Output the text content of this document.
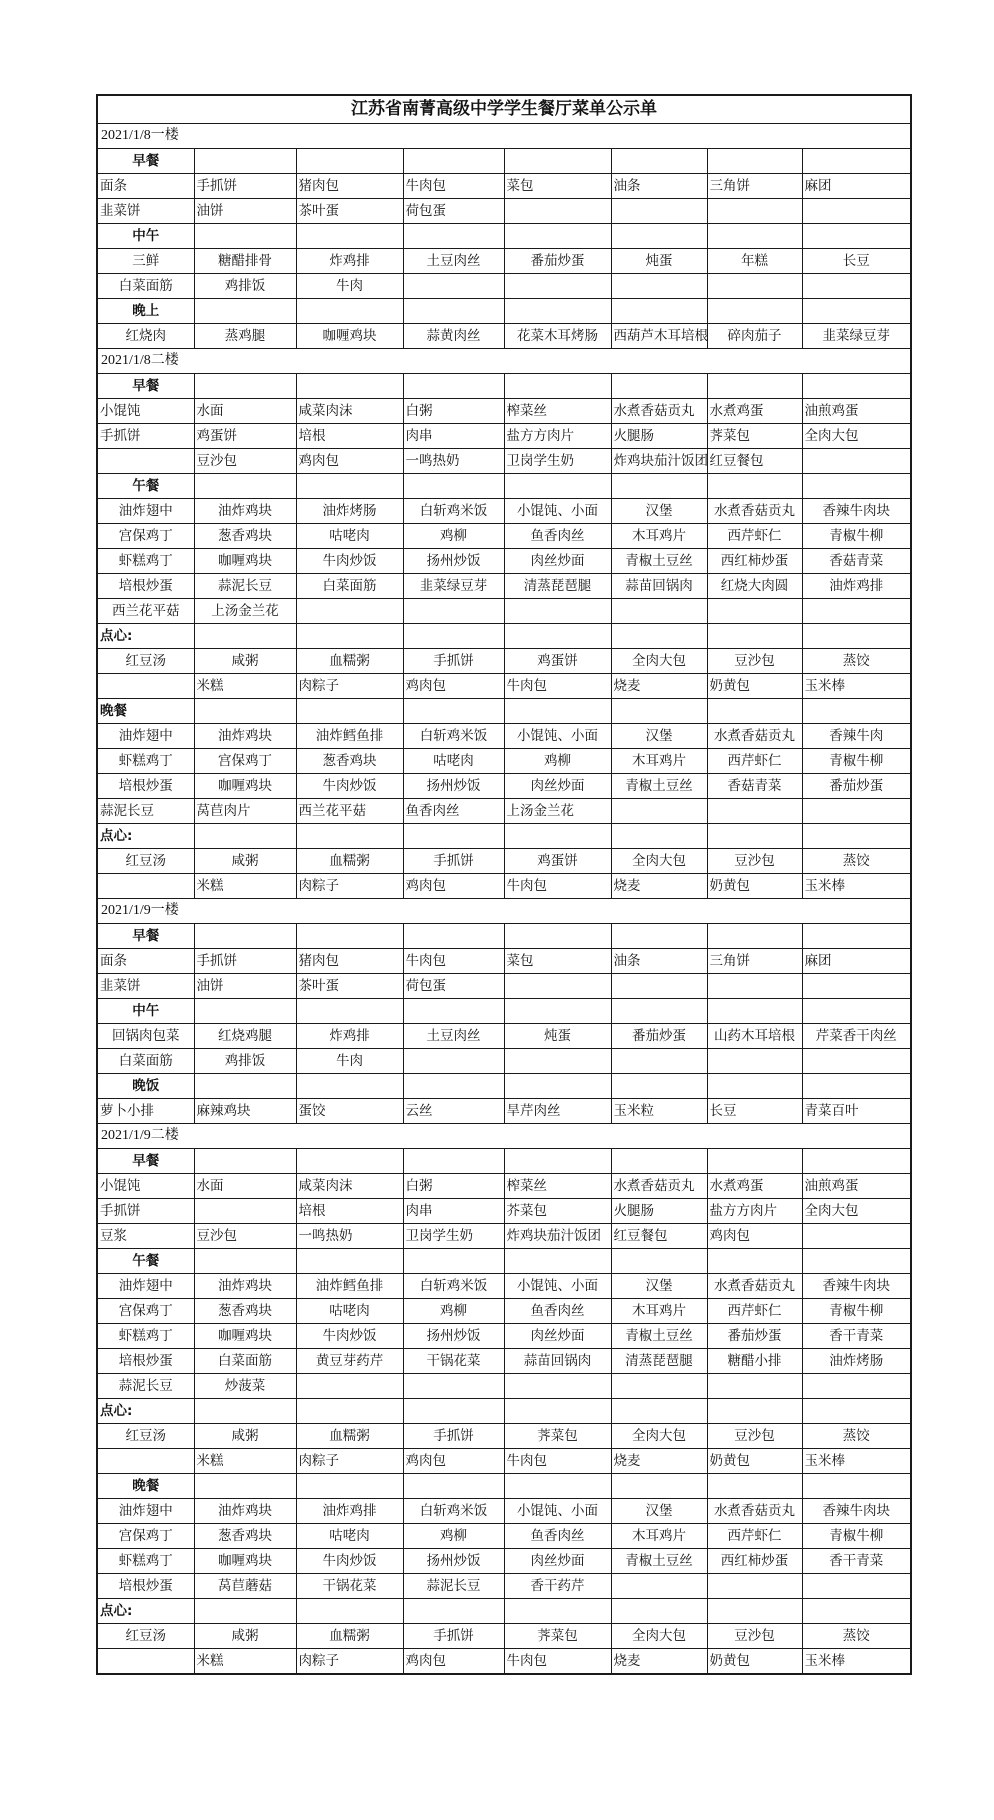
江苏省南菁高级中学学生餐厅菜单公示单							
2021/1/8一楼							
早餐							
面条	手抓饼	猪肉包	牛肉包	菜包	油条	三角饼	麻团
韭菜饼	油饼	茶叶蛋	荷包蛋				
中午							
三鲜	糖醋排骨	炸鸡排	土豆肉丝	番茄炒蛋	炖蛋	年糕	长豆
白菜面筋	鸡排饭	牛肉					
晚上							
红烧肉	蒸鸡腿	咖喱鸡块	蒜黄肉丝	花菜木耳烤肠	西葫芦木耳培根	碎肉茄子	韭菜绿豆芽
2021/1/8二楼							
早餐							
小馄饨	水面	咸菜肉沫	白粥	榨菜丝	水煮香菇贡丸	水煮鸡蛋	油煎鸡蛋
手抓饼	鸡蛋饼	培根	肉串	盐方方肉片	火腿肠	荠菜包	全肉大包
	豆沙包	鸡肉包	一鸣热奶	卫岗学生奶	炸鸡块茄汁饭团	红豆餐包	
午餐							
油炸翅中	油炸鸡块	油炸烤肠	白斩鸡米饭	小馄饨、小面	汉堡	水煮香菇贡丸	香辣牛肉块
宫保鸡丁	葱香鸡块	咕咾肉	鸡柳	鱼香肉丝	木耳鸡片	西芹虾仁	青椒牛柳
虾糕鸡丁	咖喱鸡块	牛肉炒饭	扬州炒饭	肉丝炒面	青椒土豆丝	西红柿炒蛋	香菇青菜
培根炒蛋	蒜泥长豆	白菜面筋	韭菜绿豆芽	清蒸琵琶腿	蒜苗回锅肉	红烧大肉圆	油炸鸡排
西兰花平菇	上汤金兰花						
点心:							
红豆汤	咸粥	血糯粥	手抓饼	鸡蛋饼	全肉大包	豆沙包	蒸饺
	米糕	肉粽子	鸡肉包	牛肉包	烧麦	奶黄包	玉米棒
晚餐							
油炸翅中	油炸鸡块	油炸鳕鱼排	白斩鸡米饭	小馄饨、小面	汉堡	水煮香菇贡丸	香辣牛肉
虾糕鸡丁	宫保鸡丁	葱香鸡块	咕咾肉	鸡柳	木耳鸡片	西芹虾仁	青椒牛柳
培根炒蛋	咖喱鸡块	牛肉炒饭	扬州炒饭	肉丝炒面	青椒土豆丝	香菇青菜	番茄炒蛋
蒜泥长豆	莴苣肉片	西兰花平菇	鱼香肉丝	上汤金兰花			
点心:							
红豆汤	咸粥	血糯粥	手抓饼	鸡蛋饼	全肉大包	豆沙包	蒸饺
	米糕	肉粽子	鸡肉包	牛肉包	烧麦	奶黄包	玉米棒
2021/1/9一楼							
早餐							
面条	手抓饼	猪肉包	牛肉包	菜包	油条	三角饼	麻团
韭菜饼	油饼	茶叶蛋	荷包蛋				
中午							
回锅肉包菜	红烧鸡腿	炸鸡排	土豆肉丝	炖蛋	番茄炒蛋	山药木耳培根	芹菜香干肉丝
白菜面筋	鸡排饭	牛肉					
晚饭							
萝卜小排	麻辣鸡块	蛋饺	云丝	旱芹肉丝	玉米粒	长豆	青菜百叶
2021/1/9二楼							
早餐							
小馄饨	水面	咸菜肉沫	白粥	榨菜丝	水煮香菇贡丸	水煮鸡蛋	油煎鸡蛋
手抓饼		培根	肉串	芥菜包	火腿肠	盐方方肉片	全肉大包
豆浆	豆沙包	一鸣热奶	卫岗学生奶	炸鸡块茄汁饭团	红豆餐包	鸡肉包	
午餐							
油炸翅中	油炸鸡块	油炸鳕鱼排	白斩鸡米饭	小馄饨、小面	汉堡	水煮香菇贡丸	香辣牛肉块
宫保鸡丁	葱香鸡块	咕咾肉	鸡柳	鱼香肉丝	木耳鸡片	西芹虾仁	青椒牛柳
虾糕鸡丁	咖喱鸡块	牛肉炒饭	扬州炒饭	肉丝炒面	青椒土豆丝	番茄炒蛋	香干青菜
培根炒蛋	白菜面筋	黄豆芽药芹	干锅花菜	蒜苗回锅肉	清蒸琵琶腿	糖醋小排	油炸烤肠
蒜泥长豆	炒菠菜						
点心:							
红豆汤	咸粥	血糯粥	手抓饼	荠菜包	全肉大包	豆沙包	蒸饺
	米糕	肉粽子	鸡肉包	牛肉包	烧麦	奶黄包	玉米棒
晚餐							
油炸翅中	油炸鸡块	油炸鸡排	白斩鸡米饭	小馄饨、小面	汉堡	水煮香菇贡丸	香辣牛肉块
宫保鸡丁	葱香鸡块	咕咾肉	鸡柳	鱼香肉丝	木耳鸡片	西芹虾仁	青椒牛柳
虾糕鸡丁	咖喱鸡块	牛肉炒饭	扬州炒饭	肉丝炒面	青椒土豆丝	西红柿炒蛋	香干青菜
培根炒蛋	莴苣蘑菇	干锅花菜	蒜泥长豆	香干药芹			
点心:							
红豆汤	咸粥	血糯粥	手抓饼	荠菜包	全肉大包	豆沙包	蒸饺
	米糕	肉粽子	鸡肉包	牛肉包	烧麦	奶黄包	玉米棒
